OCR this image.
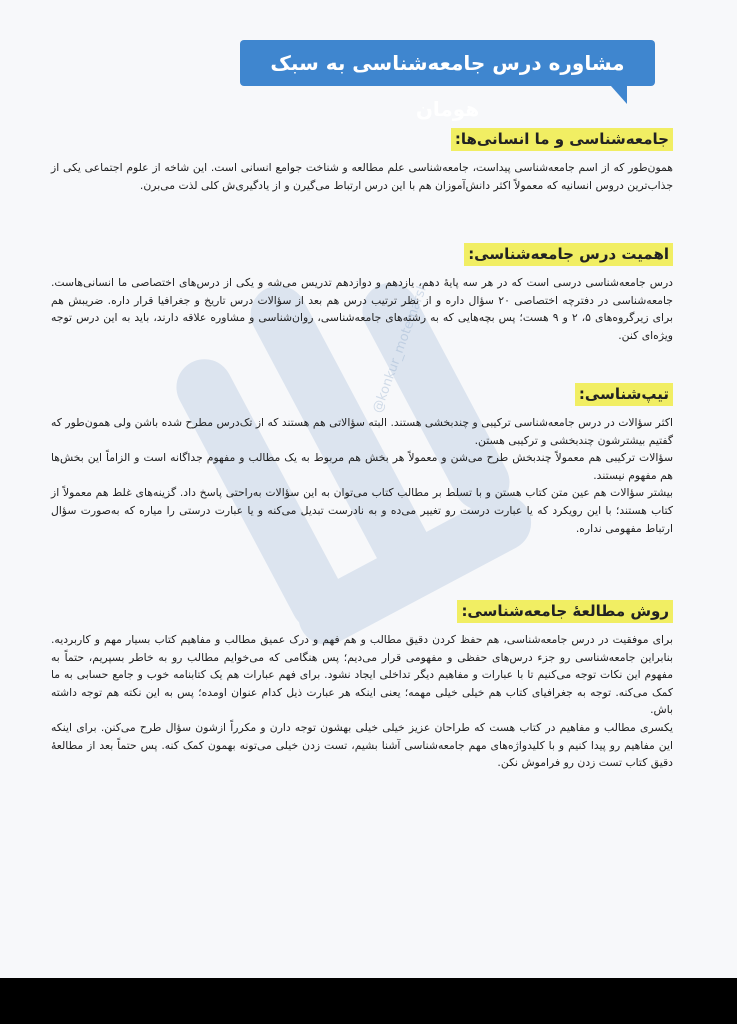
مشاوره درس جامعه‌شناسی به سبک هومان
@konkur_motemarsh
جامعه‌شناسی و ما انسانی‌ها:
همون‌طور که از اسم جامعه‌شناسی پیداست، جامعه‌شناسی علم مطالعه و شناخت جوامع انسانی است. این شاخه از علوم اجتماعی یکی از جذاب‌ترین دروس انسانیه که معمولاً اکثر دانش‌آموزان هم با این درس ارتباط می‌گیرن و از یادگیری‌ش کلی لذت می‌برن.
اهمیت درس جامعه‌شناسی:
درس جامعه‌شناسی درسی است که در هر سه پایهٔ دهم، یازدهم و دوازدهم تدریس می‌شه و یکی از درس‌های اختصاصی ما انسانی‌هاست. جامعه‌شناسی در دفترچه اختصاصی ۲۰ سؤال داره و از نظر ترتیب درس هم بعد از سؤالات درس تاریخ و جغرافیا قرار داره. ضریبش هم برای زیرگروه‌های ۵، ۲ و ۹ هست؛ پس بچه‌هایی که به رشته‌های جامعه‌شناسی، روان‌شناسی و مشاوره علاقه دارند، باید به این درس توجه ویژه‌ای کنن.
تیپ‌شناسی:
اکثر سؤالات در درس جامعه‌شناسی ترکیبی و چندبخشی هستند. البته سؤالاتی هم هستند که از تک‌درس مطرح شده باشن ولی همون‌طور که گفتیم بیشترشون چندبخشی و ترکیبی هستن.
سؤالات ترکیبی هم معمولاً چندبخش طرح می‌شن و معمولاً هر بخش هم مربوط به یک مطالب و مفهوم جداگانه است و الزاماً این بخش‌ها هم مفهوم نیستند.
بیشتر سؤالات هم عین متن کتاب هستن و با تسلط بر مطالب کتاب می‌توان به این سؤالات به‌راحتی پاسخ داد. گزینه‌های غلط هم معمولاً از کتاب هستند؛ با این رویکرد که یا عبارت درست رو تغییر می‌ده و به نادرست تبدیل می‌کنه و یا عبارت درستی را میاره که به‌صورت سؤال ارتباط مفهومی نداره.
روش مطالعهٔ جامعه‌شناسی:
برای موفقیت در درس جامعه‌شناسی، هم حفظ کردن دقیق مطالب و هم فهم و درک عمیق مطالب و مفاهیم کتاب بسیار مهم و کاربردیه. بنابراین جامعه‌شناسی رو جزء درس‌های حفظی و مفهومی قرار می‌دیم؛ پس هنگامی که می‌خوایم مطالب رو به خاطر بسپریم، حتماً به مفهوم این نکات توجه می‌کنیم تا با عبارات و مفاهیم دیگر تداخلی ایجاد نشود. برای فهم عبارات هم یک کتابنامه خوب و جامع حسابی به ما کمک می‌کنه. توجه به جغرافیای کتاب هم خیلی خیلی مهمه؛ یعنی اینکه هر عبارت ذیل کدام عنوان اومده؛ پس به این نکته هم توجه داشته باش.
یکسری مطالب و مفاهیم در کتاب هست که طراحان عزیز خیلی خیلی بهشون توجه دارن و مکرراً ازشون سؤال طرح می‌کنن. برای اینکه این مفاهیم رو پیدا کنیم و با کلیدواژه‌های مهم جامعه‌شناسی آشنا بشیم، تست زدن خیلی می‌تونه بهمون کمک کنه. پس حتماً بعد از مطالعهٔ دقیق کتاب تست زدن رو فراموش نکن.
